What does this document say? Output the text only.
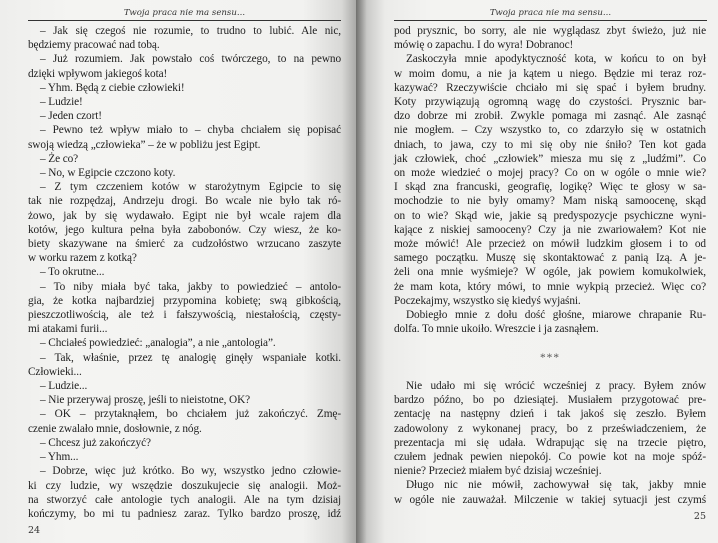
Twoja praca nie ma sensu...
– Jak się czegoś nie rozumie, to trudno to lubić. Ale nic,
będziemy pracować nad tobą.
– Już rozumiem. Jak powstało coś twórczego, to na pewno
dzięki wpływom jakiegoś kota!
– Yhm. Będą z ciebie człowieki!
– Ludzie!
– Jeden czort!
– Pewno też wpływ miało to – chyba chciałem się popisać
swoją wiedzą „człowieka” – że w pobliżu jest Egipt.
– Że co?
– No, w Egipcie czczono koty.
– Z tym czczeniem kotów w starożytnym Egipcie to się
tak nie rozpędzaj, Andrzeju drogi. Bo wcale nie było tak ró-
żowo, jak by się wydawało. Egipt nie był wcale rajem dla
kotów, jego kultura pełna była zabobonów. Czy wiesz, że ko-
biety skazywane na śmierć za cudzołóstwo wrzucano zaszyte
w worku razem z kotką?
– To okrutne...
– To niby miała być taka, jakby to powiedzieć – antolo-
gia, że kotka najbardziej przypomina kobietę; swą gibkością,
pieszczotliwością, ale też i fałszywością, niestałością, częsty-
mi atakami furii...
– Chciałeś powiedzieć: „analogia”, a nie „antologia”.
– Tak, właśnie, przez tę analogię ginęły wspaniałe kotki.
Człowieki...
– Ludzie...
– Nie przerywaj proszę, jeśli to nieistotne, OK?
– OK – przytaknąłem, bo chciałem już zakończyć. Zmę-
czenie zwalało mnie, dosłownie, z nóg.
– Chcesz już zakończyć?
– Yhm...
– Dobrze, więc już krótko. Bo wy, wszystko jedno człowie-
ki czy ludzie, wy wszędzie doszukujecie się analogii. Moż-
na stworzyć całe antologie tych analogii. Ale na tym dzisiaj
kończymy, bo mi tu padniesz zaraz. Tylko bardzo proszę, idź
24
Twoja praca nie ma sensu...
pod prysznic, bo sorry, ale nie wyglądasz zbyt świeżo, już nie
mówię o zapachu. I do wyra! Dobranoc!
Zaskoczyła mnie apodyktyczność kota, w końcu to on był
w moim domu, a nie ja kątem u niego. Będzie mi teraz roz-
kazywać? Rzeczywiście chciało mi się spać i byłem brudny.
Koty przywiązują ogromną wagę do czystości. Prysznic bar-
dzo dobrze mi zrobił. Zwykle pomaga mi zasnąć. Ale zasnąć
nie mogłem. – Czy wszystko to, co zdarzyło się w ostatnich
dniach, to jawa, czy to mi się oby nie śniło? Ten kot gada
jak człowiek, choć „człowiek” miesza mu się z „ludźmi”. Co
on może wiedzieć o mojej pracy? Co on w ogóle o mnie wie?
I skąd zna francuski, geografię, logikę? Więc te głosy w sa-
mochodzie to nie były omamy? Mam niską samoocenę, skąd
on to wie? Skąd wie, jakie są predyspozycje psychiczne wyni-
kające z niskiej samooceny? Czy ja nie zwariowałem? Kot nie
może mówić! Ale przecież on mówił ludzkim głosem i to od
samego początku. Muszę się skontaktować z panią Izą. A je-
żeli ona mnie wyśmieje? W ogóle, jak powiem komukolwiek,
że mam kota, który mówi, to mnie wykpią przecież. Więc co?
Poczekajmy, wszystko się kiedyś wyjaśni.
Dobiegło mnie z dołu dość głośne, miarowe chrapanie Ru-
dolfa. To mnie ukoiło. Wreszcie i ja zasnąłem.
***
Nie udało mi się wrócić wcześniej z pracy. Byłem znów
bardzo późno, bo po dziesiątej. Musiałem przygotować pre-
zentację na następny dzień i tak jakoś się zeszło. Byłem
zadowolony z wykonanej pracy, bo z przeświadczeniem, że
prezentacja mi się udała. Wdrapując się na trzecie piętro,
czułem jednak pewien niepokój. Co powie kot na moje spóź-
nienie? Przecież miałem być dzisiaj wcześniej.
Długo nic nie mówił, zachowywał się tak, jakby mnie
w ogóle nie zauważał. Milczenie w takiej sytuacji jest czymś
25
